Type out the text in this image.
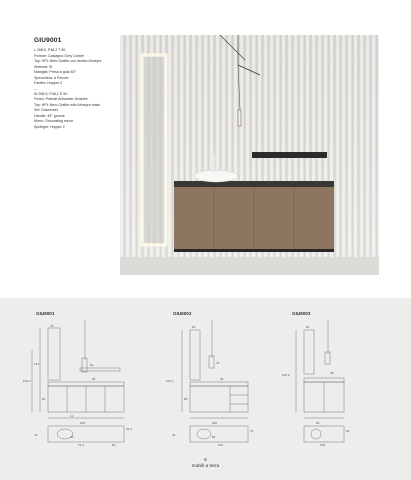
GIU9001
L 268,9, P48,2 T 50
Finiture: Castagno Grey Carrier
Top: HPL Nero Grafite con lavabo Aimeyre
Sistema: SI
Maniglia: Presa a gola 45°
Specchiera: à Ferroto
Faretto: Hopper 2
—
W 268,9, P48,2 D 50
Finish: Portrait Antweiser Dusklee
Top: HPL Nero Grafite with Aimeyre basin
Set: Drawerset
Handle: 45° groove
Mirror: Decorating mirror
Spotlight: Hopper 2
GIU9001	GIU9002	GIU9003
75
52
133
100,2	68
60
11
205
41	60
35,3
75,4	50
60
75
100,2	49
80
200
44	80
75
130
60
100,2	38
80
60
150
6
mobili a terra
